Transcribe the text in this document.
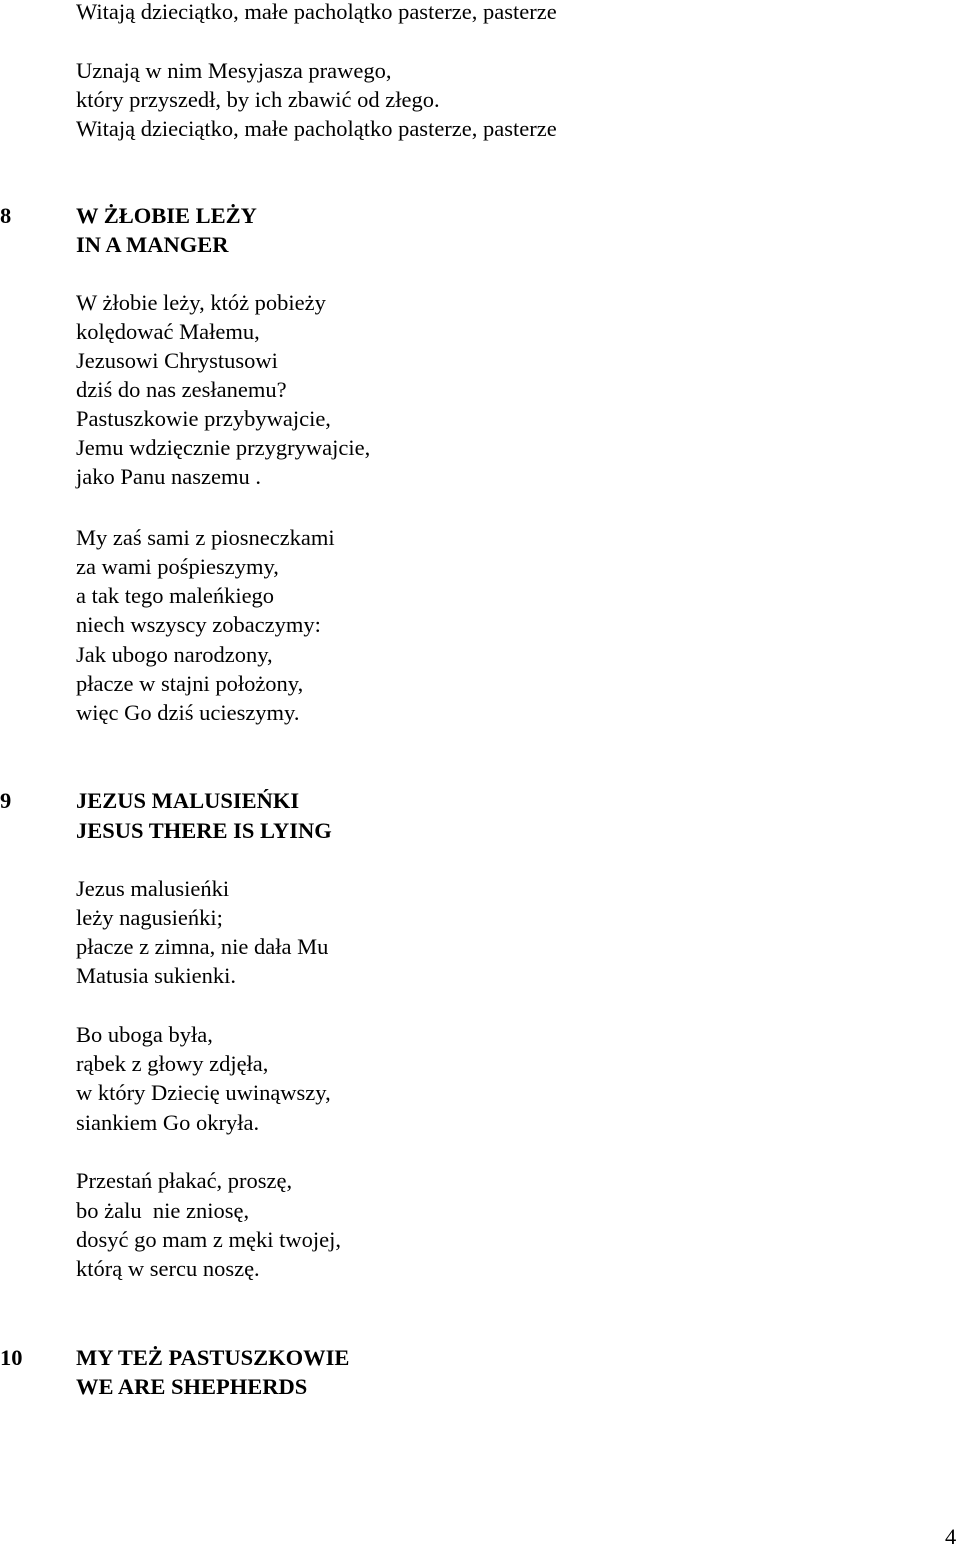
Witają dzieciątko, małe pacholątko pasterze, pasterze
Uznają w nim Mesyjasza prawego,
który przyszedł, by ich zbawić od złego.
Witają dzieciątko, małe pacholątko pasterze, pasterze
8	W ŻŁOBIE LEŻY
IN A MANGER
W żłobie leży, któż pobieży
kolędować Małemu,
Jezusowi Chrystusowi
dziś do nas zesłanemu?
Pastuszkowie przybywajcie,
Jemu wdzięcznie przygrywajcie,
jako Panu naszemu .
My zaś sami z piosneczkami
za wami pośpieszymy,
a tak tego maleńkiego
niech wszyscy zobaczymy:
Jak ubogo narodzony,
płacze w stajni położony,
więc Go dziś ucieszymy.
9	JEZUS MALUSIEŃKI
JESUS THERE IS LYING
Jezus malusieńki
leży nagusieńki;
płacze z zimna, nie dała Mu
Matusia sukienki.
Bo uboga była,
rąbek z głowy zdjęła,
w który Dziecię uwinąwszy,
siankiem Go okryła.
Przestań płakać, proszę,
bo żalu  nie zniosę,
dosyć go mam z męki twojej,
którą w sercu noszę.
10 MY TEŻ PASTUSZKOWIE
WE ARE SHEPHERDS
4
